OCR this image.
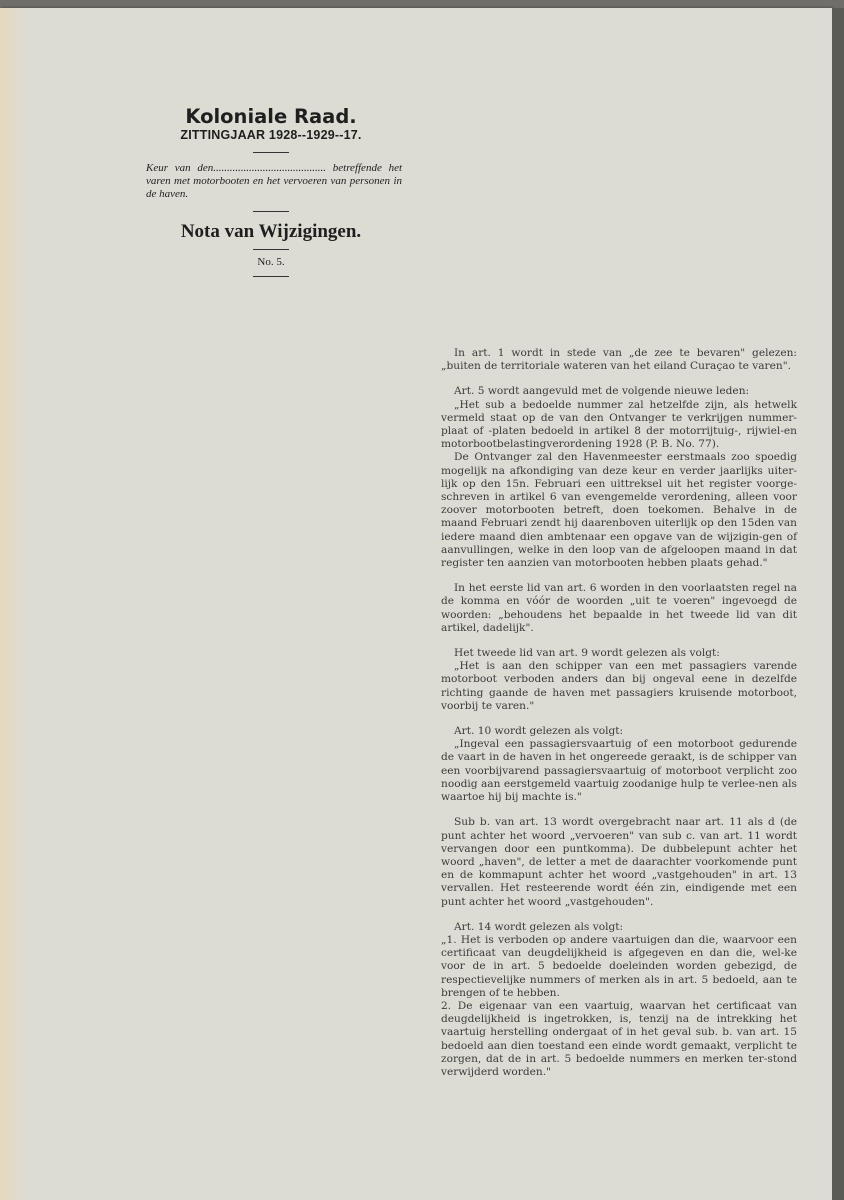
Koloniale Raad.

ZITTINGJAAR 1928--1929--17.

Keur van den......................................... betreffende het varen met motorbooten en het vervoeren van personen in de haven.

Nota van Wijzigingen.

No. 5.

In art. 1 wordt in stede van „de zee te bevaren" gelezen: „buiten de territoriale wateren van het eiland Curaçao te varen".

Art. 5 wordt aangevuld met de volgende nieuwe leden:

„Het sub a bedoelde nummer zal hetzelfde zijn, als hetwelk vermeld staat op de van den Ontvanger te verkrijgen nummer-plaat of -platen bedoeld in artikel 8 der motorrijtuig-, rijwiel-en motorbootbelastingverordening 1928 (P. B. No. 77).

De Ontvanger zal den Havenmeester eerstmaals zoo spoedig mogelijk na afkondiging van deze keur en verder jaarlijks uiter-lijk op den 15n. Februari een uittreksel uit het register voorge-schreven in artikel 6 van evengemelde verordening, alleen voor zoover motorbooten betreft, doen toekomen. Behalve in de maand Februari zendt hij daarenboven uiterlijk op den 15den van iedere maand dien ambtenaar een opgave van de wijzigin-gen of aanvullingen, welke in den loop van de afgeloopen maand in dat register ten aanzien van motorbooten hebben plaats gehad."

In het eerste lid van art. 6 worden in den voorlaatsten regel na de komma en vóór de woorden „uit te voeren" ingevoegd de woorden: „behoudens het bepaalde in het tweede lid van dit artikel, dadelijk".

Het tweede lid van art. 9 wordt gelezen als volgt:

„Het is aan den schipper van een met passagiers varende motorboot verboden anders dan bij ongeval eene in dezelfde richting gaande de haven met passagiers kruisende motorboot, voorbij te varen."

Art. 10 wordt gelezen als volgt:

„Ingeval een passagiersvaartuig of een motorboot gedurende de vaart in de haven in het ongereede geraakt, is de schipper van een voorbijvarend passagiersvaartuig of motorboot verplicht zoo noodig aan eerstgemeld vaartuig zoodanige hulp te verlee-nen als waartoe hij bij machte is."

Sub b. van art. 13 wordt overgebracht naar art. 11 als d (de punt achter het woord „vervoeren" van sub c. van art. 11 wordt vervangen door een puntkomma). De dubbelepunt achter het woord „haven", de letter a met de daarachter voorkomende punt en de kommapunt achter het woord „vastgehouden" in art. 13 vervallen. Het resteerende wordt één zin, eindigende met een punt achter het woord „vastgehouden".

Art. 14 wordt gelezen als volgt:

„1. Het is verboden op andere vaartuigen dan die, waarvoor een certificaat van deugdelijkheid is afgegeven en dan die, wel-ke voor de in art. 5 bedoelde doeleinden worden gebezigd, de respectievelijke nummers of merken als in art. 5 bedoeld, aan te brengen of te hebben.

2. De eigenaar van een vaartuig, waarvan het certificaat van deugdelijkheid is ingetrokken, is, tenzij na de intrekking het vaartuig herstelling ondergaat of in het geval sub. b. van art. 15 bedoeld aan dien toestand een einde wordt gemaakt, verplicht te zorgen, dat de in art. 5 bedoelde nummers en merken ter-stond verwijderd worden."
